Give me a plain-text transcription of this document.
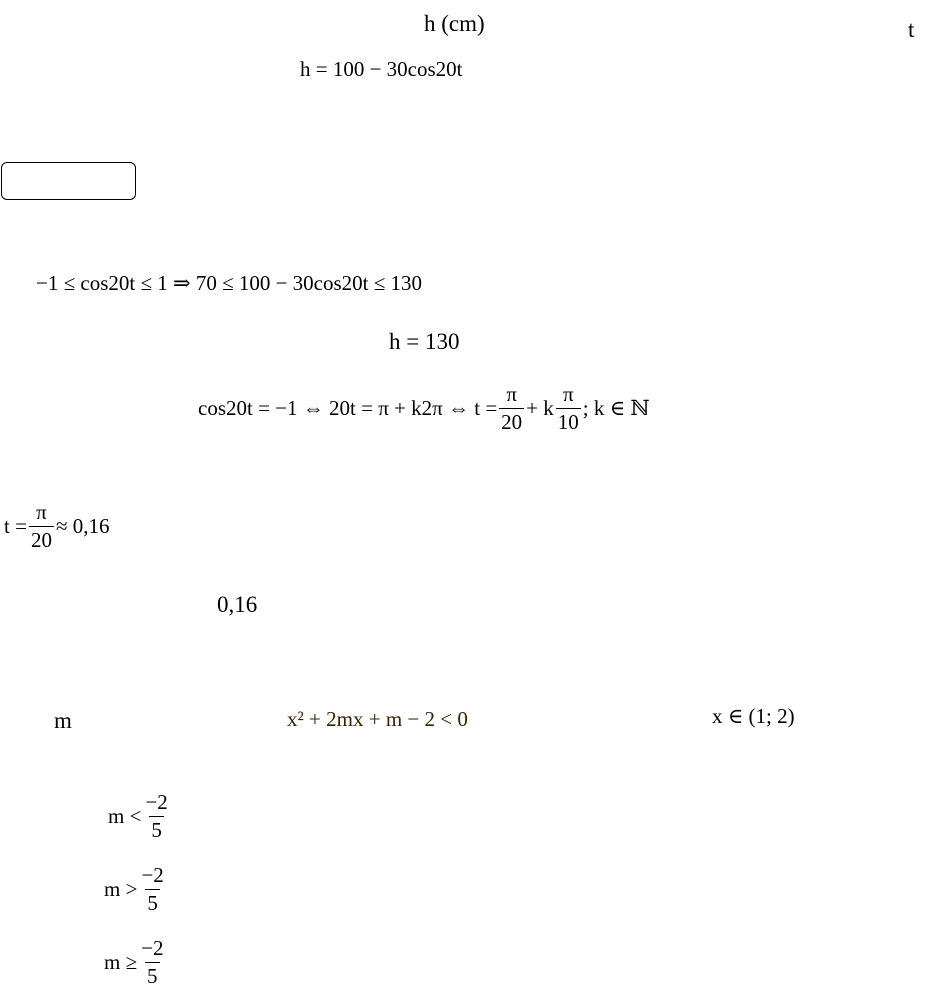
h (cm)	t
h = 100 − 30cos20t
−1 ≤ cos20t ≤ 1 ⇒ 70 ≤ 100 − 30cos20t ≤ 130
h = 130
cos20t = −1 ⇔ 20t = π + k2π ⇔ $t = \frac{\pi}{20} + k \frac{\pi}{10}$ ; k ∈ ℕ
$t = \frac{\pi}{20} \approx 0,16$
0,16
m	x² + 2mx + m − 2 < 0	x ∈ (1; 2)
$m < \frac{-2}{5}$
$m > \frac{-2}{5}$
$m \ge \frac{-2}{5}$
